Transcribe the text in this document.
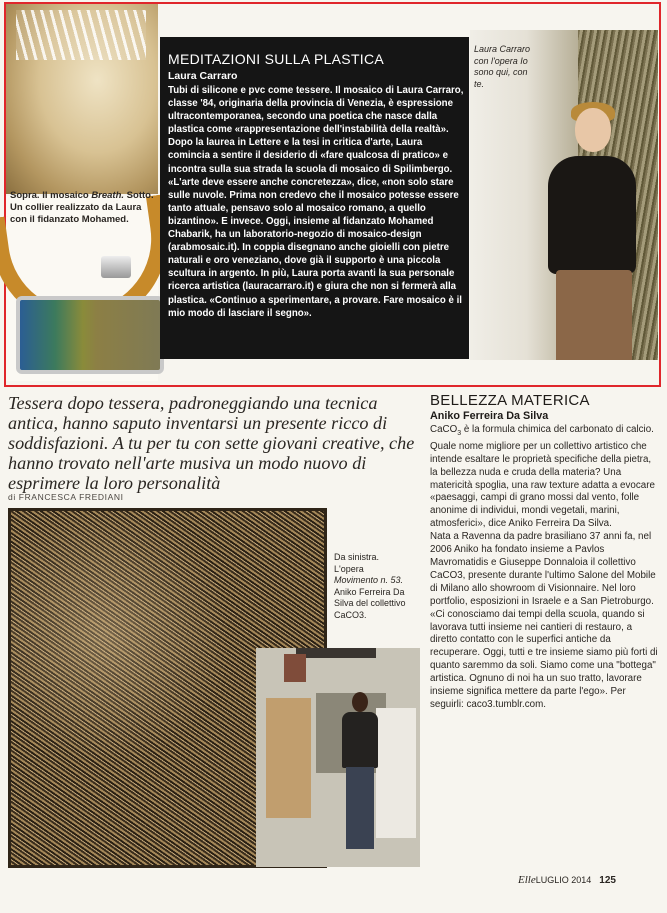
Sopra. Il mosaico Breath. Sotto. Un collier realizzato da Laura con il fidanzato Mohamed.
MEDITAZIONI SULLA PLASTICA
Laura Carraro
Tubi di silicone e pvc come tessere. Il mosaico di Laura Carraro, classe '84, originaria della provincia di Venezia, è espressione ultracontemporanea, secondo una poetica che nasce dalla plastica come «rappresentazione dell'instabilità della realtà». Dopo la laurea in Lettere e la tesi in critica d'arte, Laura comincia a sentire il desiderio di «fare qualcosa di pratico» e incontra sulla sua strada la scuola di mosaico di Spilimbergo. «L'arte deve essere anche concretezza», dice, «non solo stare sulle nuvole. Prima non credevo che il mosaico potesse essere tanto attuale, pensavo solo al mosaico romano, a quello bizantino». E invece. Oggi, insieme al fidanzato Mohamed Chabarik, ha un laboratorio-negozio di mosaico-design (arabmosaic.it). In coppia disegnano anche gioielli con pietre naturali e oro veneziano, dove già il supporto è una piccola scultura in argento. In più, Laura porta avanti la sua personale ricerca artistica (lauracarraro.it) e giura che non si fermerà alla plastica. «Continuo a sperimentare, a provare. Fare mosaico è il mio modo di lasciare il segno».
Laura Carraro con l'opera Io sono qui, con te.
Tessera dopo tessera, padroneggiando una tecnica antica, hanno saputo inventarsi un presente ricco di soddisfazioni. A tu per tu con sette giovani creative, che hanno trovato nell'arte musiva un modo nuovo di esprimere la loro personalità
di FRANCESCA FREDIANI
Da sinistra. L'opera Movimento n. 53. Aniko Ferreira Da Silva del collettivo CaCO3.
BELLEZZA MATERICA
Aniko Ferreira Da Silva
CaCO$_3$ è la formula chimica del carbonato di calcio. Quale nome migliore per un collettivo artistico che intende esaltare le proprietà specifiche della pietra, la bellezza nuda e cruda della materia? Una matericità spoglia, una raw texture adatta a evocare «paesaggi, campi di grano mossi dal vento, folle anonime di individui, mondi vegetali, marini, atmosferici», dice Aniko Ferreira Da Silva.
Nata a Ravenna da padre brasiliano 37 anni fa, nel 2006 Aniko ha fondato insieme a Pavlos Mavromatidis e Giuseppe Donnaloia il collettivo CaCO3, presente durante l'ultimo Salone del Mobile di Milano allo showroom di Visionnaire. Nel loro portfolio, esposizioni in Israele e a San Pietroburgo. «Ci conosciamo dai tempi della scuola, quando si lavorava tutti insieme nei cantieri di restauro, a diretto contatto con le superfici antiche da recuperare. Oggi, tutti e tre insieme siamo più forti di quanto saremmo da soli. Siamo come una "bottega" artistica. Ognuno di noi ha un suo tratto, lavorare insieme significa mettere da parte l'ego». Per seguirli: caco3.tumblr.com.
ElleLUGLIO 2014 125
